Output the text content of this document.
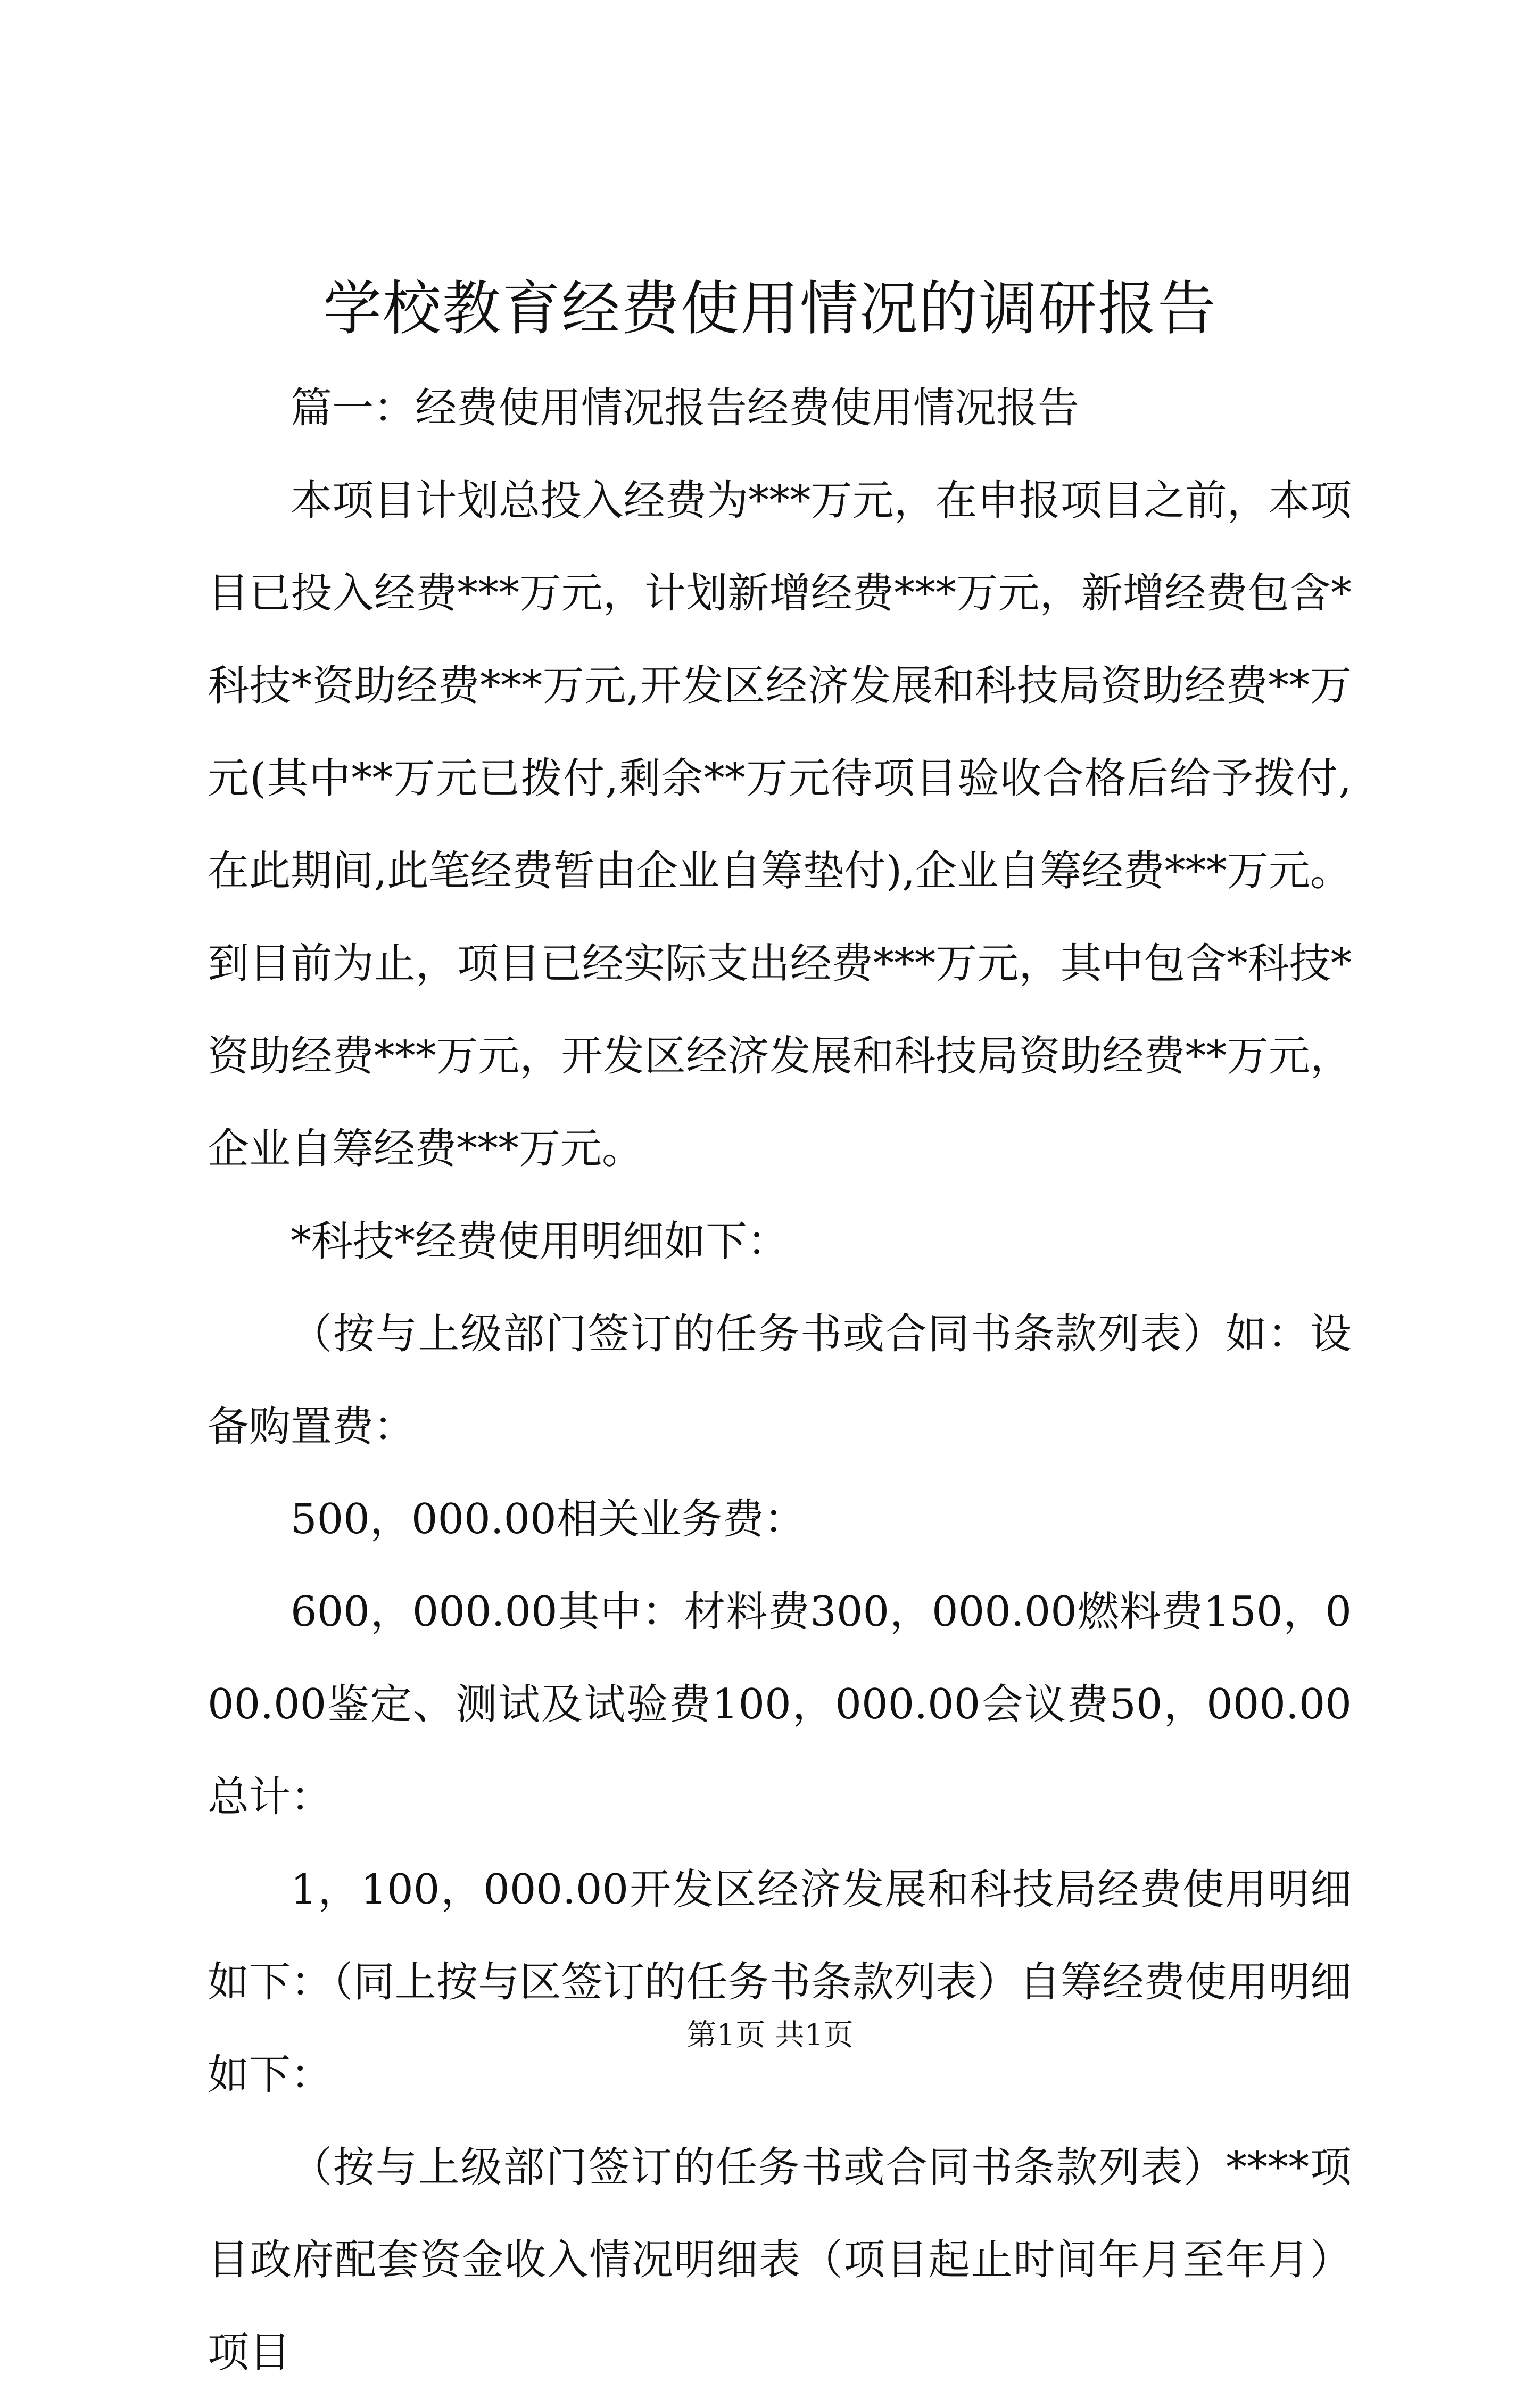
学校教育经费使用情况的调研报告

篇一：经费使用情况报告经费使用情况报告

本项目计划总投入经费为***万元，在申报项目之前，本项目已投入经费***万元，计划新增经费***万元，新增经费包含*科技*资助经费***万元,开发区经济发展和科技局资助经费**万元(其中**万元已拨付,剩余**万元待项目验收合格后给予拨付,在此期间,此笔经费暂由企业自筹垫付),企业自筹经费***万元。到目前为止，项目已经实际支出经费***万元，其中包含*科技*资助经费***万元，开发区经济发展和科技局资助经费**万元，企业自筹经费***万元。

*科技*经费使用明细如下：

（按与上级部门签订的任务书或合同书条款列表）如：设备购置费：

500，000.00相关业务费：

600，000.00其中：材料费300，000.00燃料费150，000.00鉴定、测试及试验费100，000.00会议费50，000.00总计：

1，100，000.00开发区经济发展和科技局经费使用明细如下：（同上按与区签订的任务书条款列表）自筹经费使用明细如下：

（按与上级部门签订的任务书或合同书条款列表）****项目政府配套资金收入情况明细表（项目起止时间年月至年月）项目

第1页 共1页
